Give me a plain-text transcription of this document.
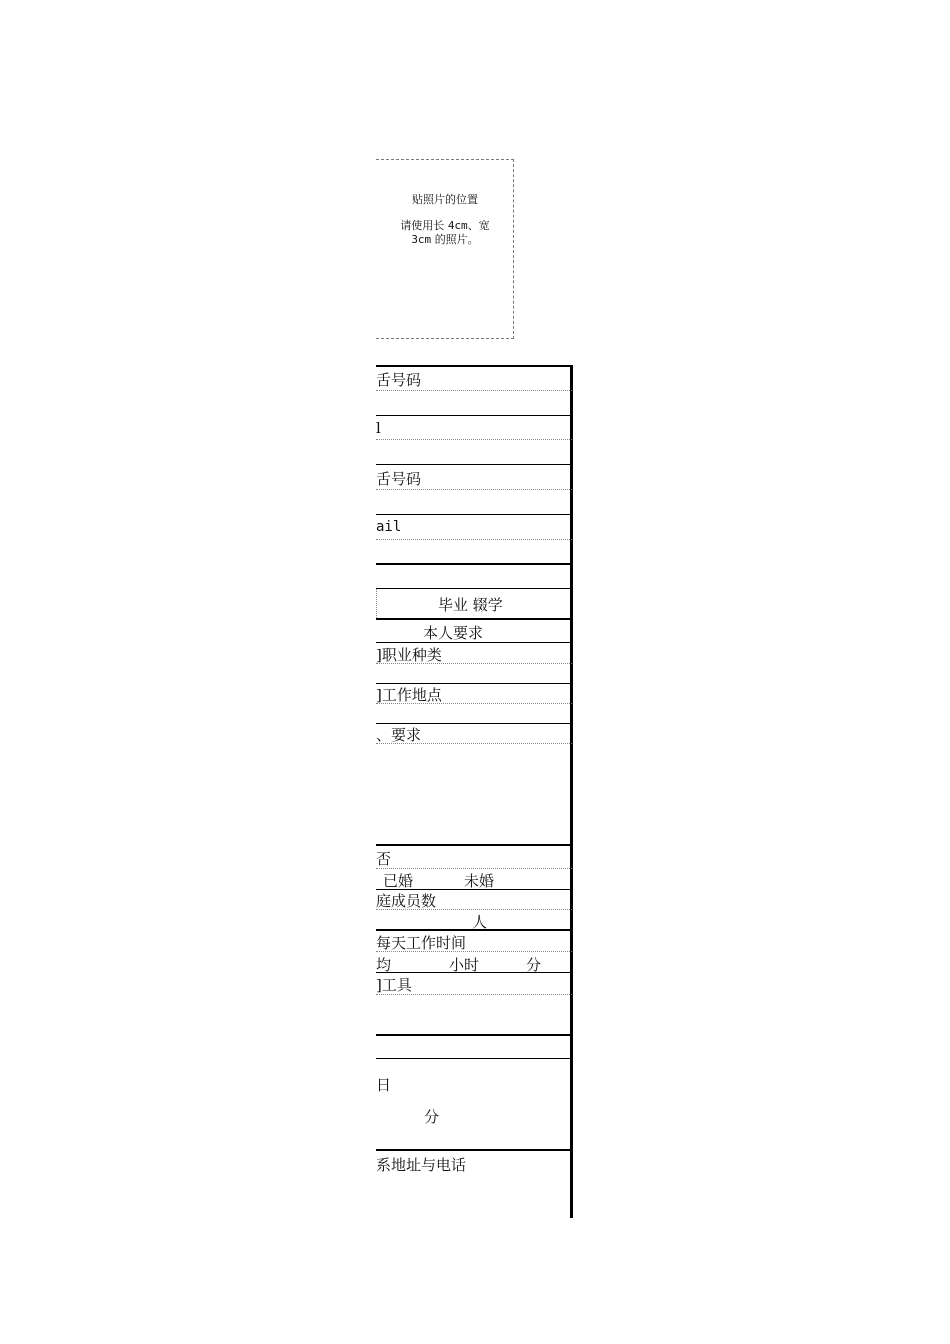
贴照片的位置
请使用长 4cm、宽
3cm 的照片。
舌号码
l
舌号码
ail
毕业 辍学
本人要求
]职业种类
]工作地点
、要求
否
已婚	未婚
庭成员数
人
每天工作时间
均	小时	分
]工具
日
分
系地址与电话
